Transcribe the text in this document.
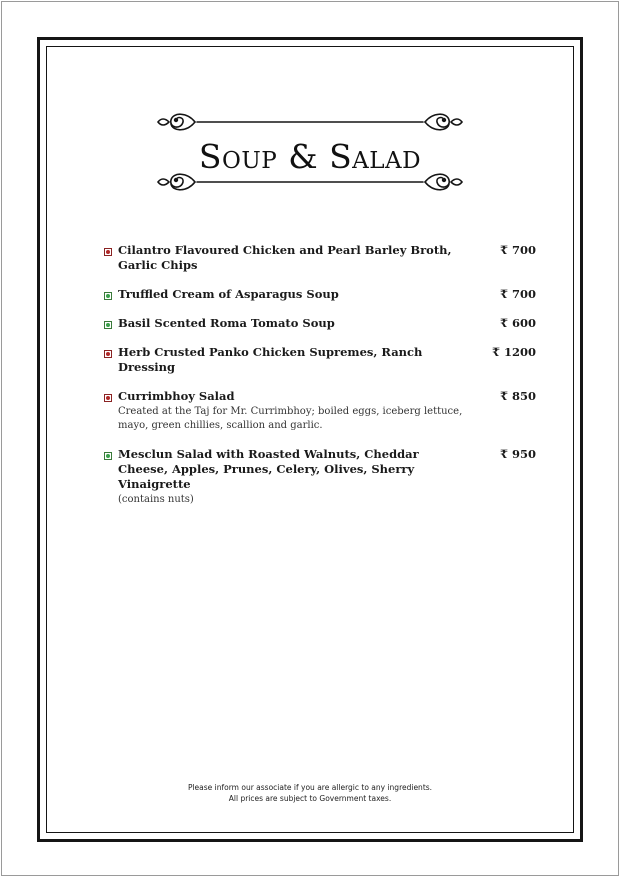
Soup & Salad
Cilantro Flavoured Chicken and Pearl Barley Broth, Garlic Chips
₹ 700
Truffled Cream of Asparagus Soup	₹ 700
Basil Scented Roma Tomato Soup	₹ 600
Herb Crusted Panko Chicken Supremes, Ranch Dressing
₹ 1200
Currimbhoy Salad
Created at the Taj for Mr. Currimbhoy; boiled eggs, iceberg lettuce, mayo, green chillies, scallion and garlic.
₹ 850
Mesclun Salad with Roasted Walnuts, Cheddar Cheese, Apples, Prunes, Celery, Olives, Sherry Vinaigrette
(contains nuts)
₹ 950
Please inform our associate if you are allergic to any ingredients.
All prices are subject to Government taxes.
